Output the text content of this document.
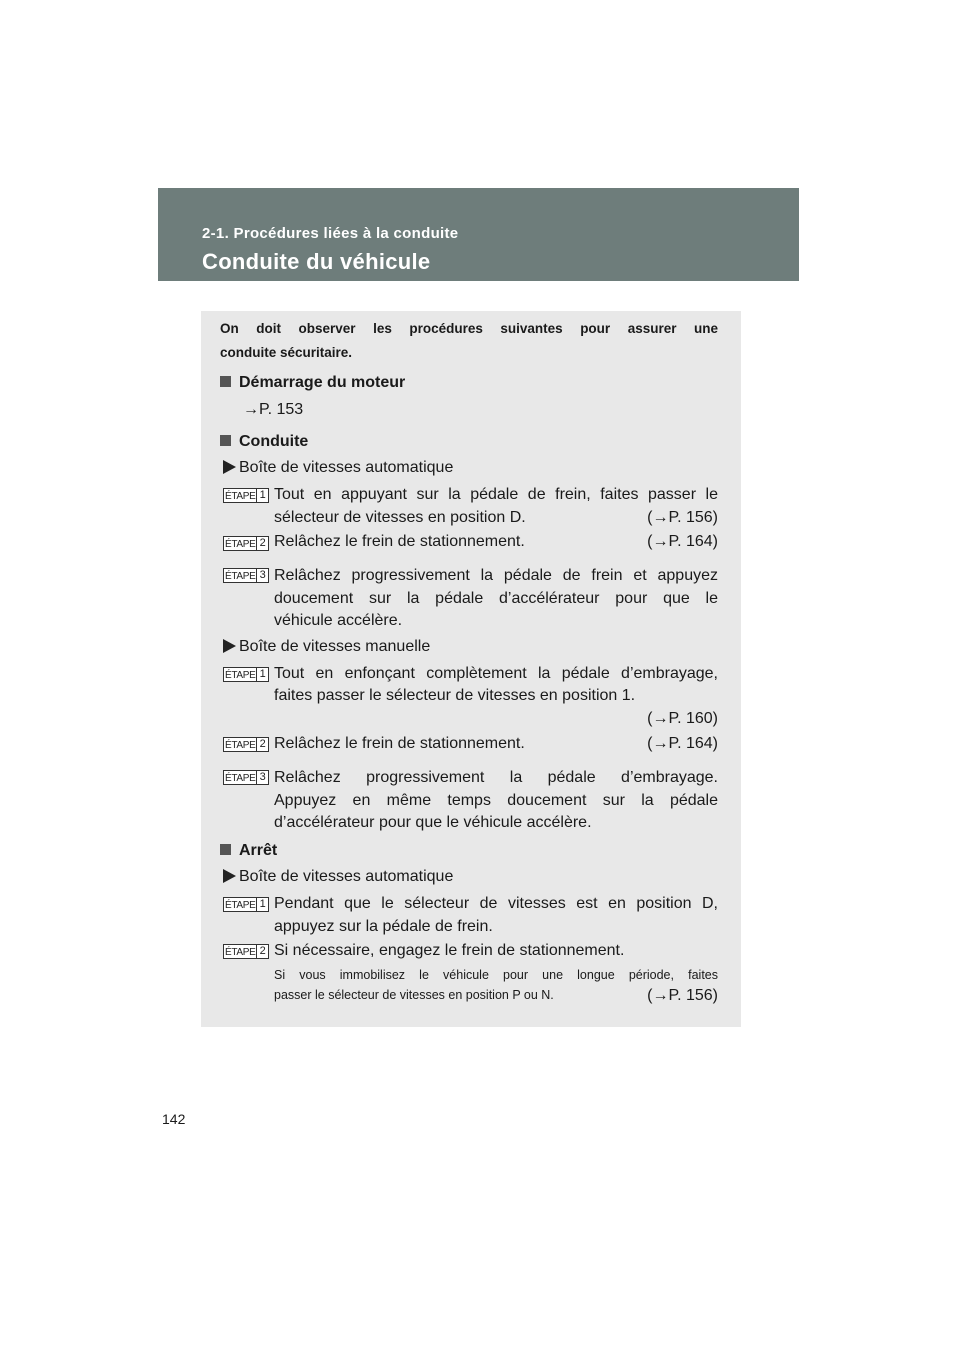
2-1. Procédures liées à la conduite
Conduite du véhicule
On doit observer les procédures suivantes pour assurer une
conduite sécuritaire.
Démarrage du moteur
→P. 153
Conduite
Boîte de vitesses automatique
ÉTAPE 1 Tout en appuyant sur la pédale de frein, faites passer le
sélecteur de vitesses en position D.	(→P. 156)
ÉTAPE 2 Relâchez le frein de stationnement.	(→P. 164)
ÉTAPE 3 Relâchez progressivement la pédale de frein et appuyez
doucement sur la pédale d’accélérateur pour que le
véhicule accélère.
Boîte de vitesses manuelle
ÉTAPE 1 Tout en enfonçant complètement la pédale d’embrayage,
faites passer le sélecteur de vitesses en position 1.
(→P. 160)
ÉTAPE 2 Relâchez le frein de stationnement.	(→P. 164)
ÉTAPE 3 Relâchez progressivement la pédale d’embrayage.
Appuyez en même temps doucement sur la pédale
d’accélérateur pour que le véhicule accélère.
Arrêt
Boîte de vitesses automatique
ÉTAPE 1 Pendant que le sélecteur de vitesses est en position D,
appuyez sur la pédale de frein.
ÉTAPE 2 Si nécessaire, engagez le frein de stationnement.
Si vous immobilisez le véhicule pour une longue période, faites
passer le sélecteur de vitesses en position P ou N.	(→P. 156)
142
